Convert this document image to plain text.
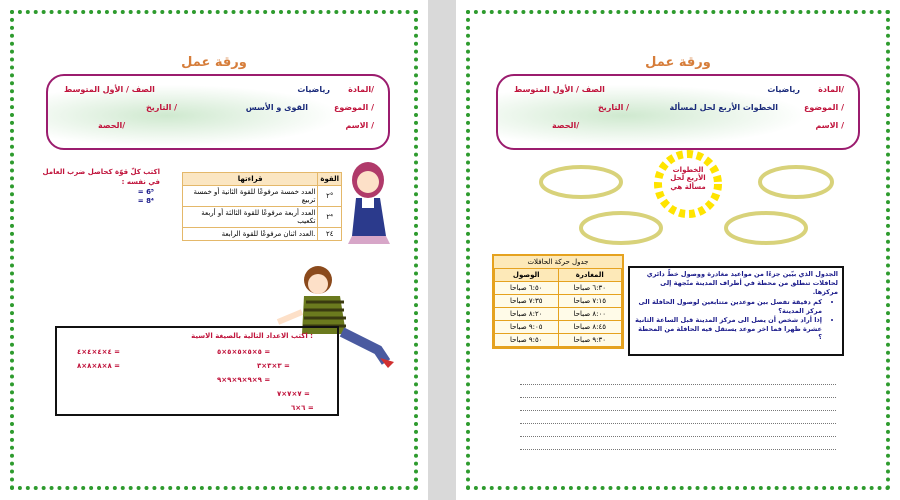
ورقة عمل
المادة/
رياضيات
الصف / الأول المتوسط
الموضوع /
القوى و الأسس
التاريخ /
الاسم /
الحصة/
اكتب كلّ قوّة كحاصل ضرب العامل في نفسه :
6⁵ =
8⁴ =
قراءتها	القوة
العدد خمسة مرفوعًا للقوة الثانية أو خمسة تربيع	٢°
العدد أربعة مرفوعًا للقوة الثالثة أو أربعة تكعيب	٢⁴
العدد اثنان مرفوعًا للقوة الرابعة.	٢٤
اكتب الاعداد التالية بالصيغة الاسية :
٤×٤×٤×٤ =	٥×٥×٥×٥×٥ =
٨×٨×٨×٨ =	٣×٣×٣ =
٩×٩×٩×٩×٩ =
٧×٧×٧ =
٦×٦ =
ورقة عمل
المادة/
رياضيات
الصف / الأول المتوسط
الموضوع /
الخطوات الأربع لحل لمسألة
التاريخ /
الاسم /
الحصة/
الخطوات الأربع لحل مسألة هي
جدول حركة الحافلات
الوصول	المغادرة
٦:٥٠ صباحا	٦:٣٠ صباحا
٧:٣٥ صباحا	٧:١٥ صباحا
٨:٢٠ صباحا	٨:٠٠ صباحا
٩:٠٥ صباحا	٨:٤٥ صباحا
٩:٥٠ صباحا	٩:٣٠ صباحا

الجدول الذي بيّين جزءًا من مواعيد مغادرة ووصول خطّ دائري لحافلات تنطلق من محطة في أطراف المدينة متّجهة إلى مركزها.

• كم دقيقة تفصل بين موعدين متتابعين لوصول الحافلة الى مركز المدينة؟
• إذا أراد شخص أن يصل الى مركز المدينة قبل الساعة الثانية عشرة ظهرا فما اخر موعد يستقل فيه الحافلة من المحطة ؟
